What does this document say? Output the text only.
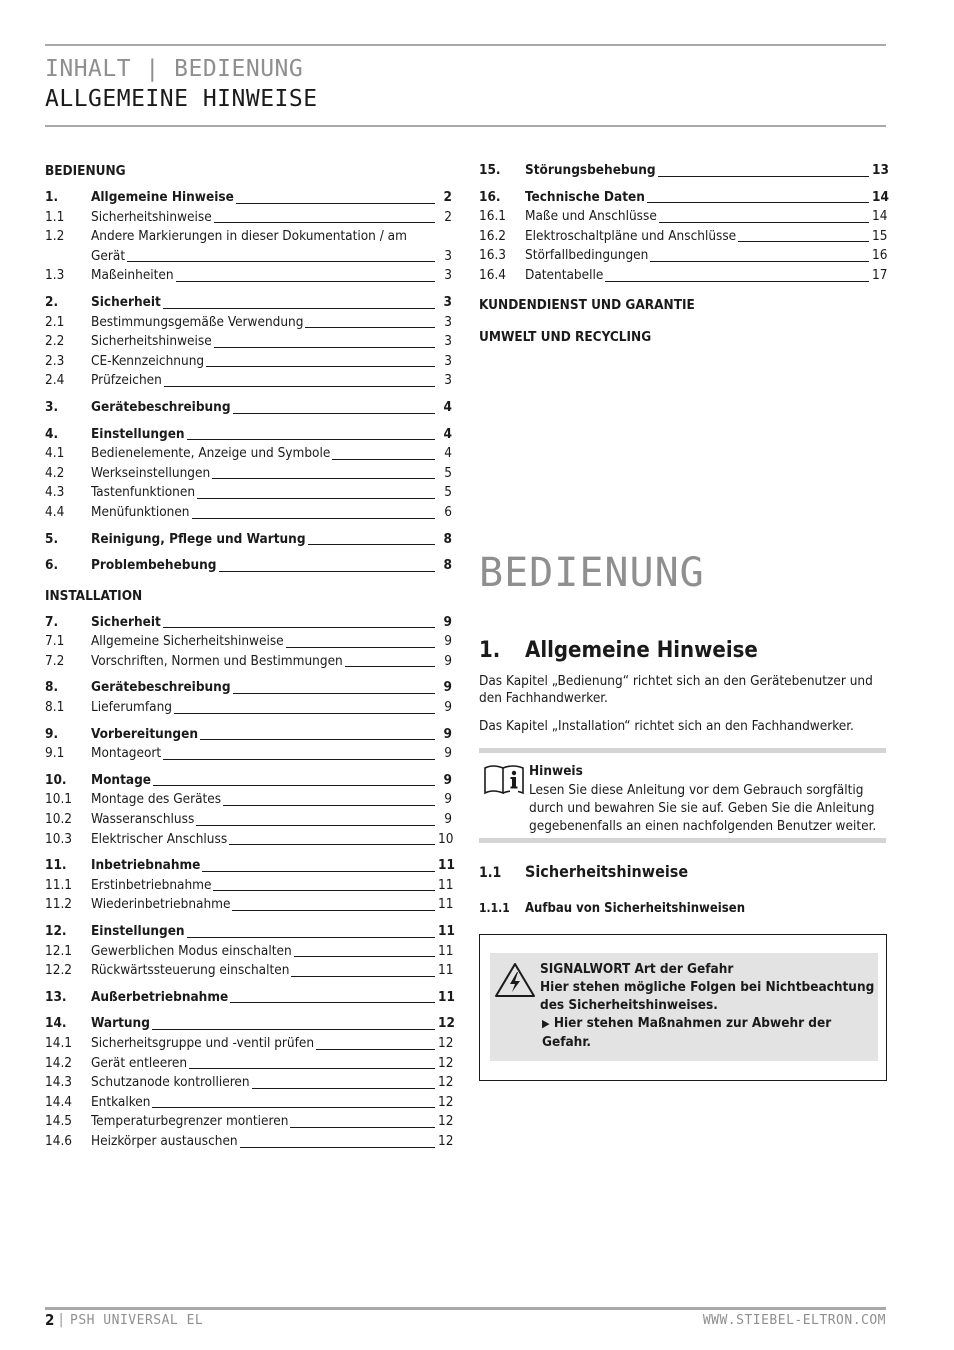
INHALT | BEDIENUNG
ALLGEMEINE HINWEISE
BEDIENUNG
1.	Allgemeine Hinweise	2
1.1	Sicherheitshinweise	2
1.2	Andere Markierungen in dieser Dokumentation / am
Gerät	3
1.3	Maßeinheiten	3
2.	Sicherheit	3
2.1	Bestimmungsgemäße Verwendung	3
2.2	Sicherheitshinweise	3
2.3	CE-Kennzeichnung	3
2.4	Prüfzeichen	3
3.	Gerätebeschreibung	4
4.	Einstellungen	4
4.1	Bedienelemente, Anzeige und Symbole	4
4.2	Werkseinstellungen	5
4.3	Tastenfunktionen	5
4.4	Menüfunktionen	6
5.	Reinigung, Pflege und Wartung	8
6.	Problembehebung	8
INSTALLATION
7.	Sicherheit	9
7.1	Allgemeine Sicherheitshinweise	9
7.2	Vorschriften, Normen und Bestimmungen	9
8.	Gerätebeschreibung	9
8.1	Lieferumfang	9
9.	Vorbereitungen	9
9.1	Montageort	9
10.	Montage	9
10.1	Montage des Gerätes	9
10.2	Wasseranschluss	9
10.3	Elektrischer Anschluss	10
11.	Inbetriebnahme	11
11.1	Erstinbetriebnahme	11
11.2	Wiederinbetriebnahme	11
12.	Einstellungen	11
12.1	Gewerblichen Modus einschalten	11
12.2	Rückwärtssteuerung einschalten	11
13.	Außerbetriebnahme	11
14.	Wartung	12
14.1	Sicherheitsgruppe und -ventil prüfen	12
14.2	Gerät entleeren	12
14.3	Schutzanode kontrollieren	12
14.4	Entkalken	12
14.5	Temperaturbegrenzer montieren	12
14.6	Heizkörper austauschen	12
15.	Störungsbehebung	13
16.	Technische Daten	14
16.1	Maße und Anschlüsse	14
16.2	Elektroschaltpläne und Anschlüsse	15
16.3	Störfallbedingungen	16
16.4	Datentabelle	17
KUNDENDIENST UND GARANTIE
UMWELT UND RECYCLING
BEDIENUNG
1. Allgemeine Hinweise
Das Kapitel „Bedienung“ richtet sich an den Gerätebenutzer und den Fachhandwerker.
Das Kapitel „Installation“ richtet sich an den Fachhandwerker.
Hinweis
Lesen Sie diese Anleitung vor dem Gebrauch sorgfältig durch und bewahren Sie sie auf. Geben Sie die Anleitung gegebenenfalls an einen nachfolgenden Benutzer weiter.
1.1 Sicherheitshinweise
1.1.1 Aufbau von Sicherheitshinweisen
SIGNALWORT Art der Gefahr
Hier stehen mögliche Folgen bei Nichtbeachtung des Sicherheitshinweises.
▶ Hier stehen Maßnahmen zur Abwehr der Gefahr.
2 | PSH UNIVERSAL EL	WWW.STIEBEL-ELTRON.COM
